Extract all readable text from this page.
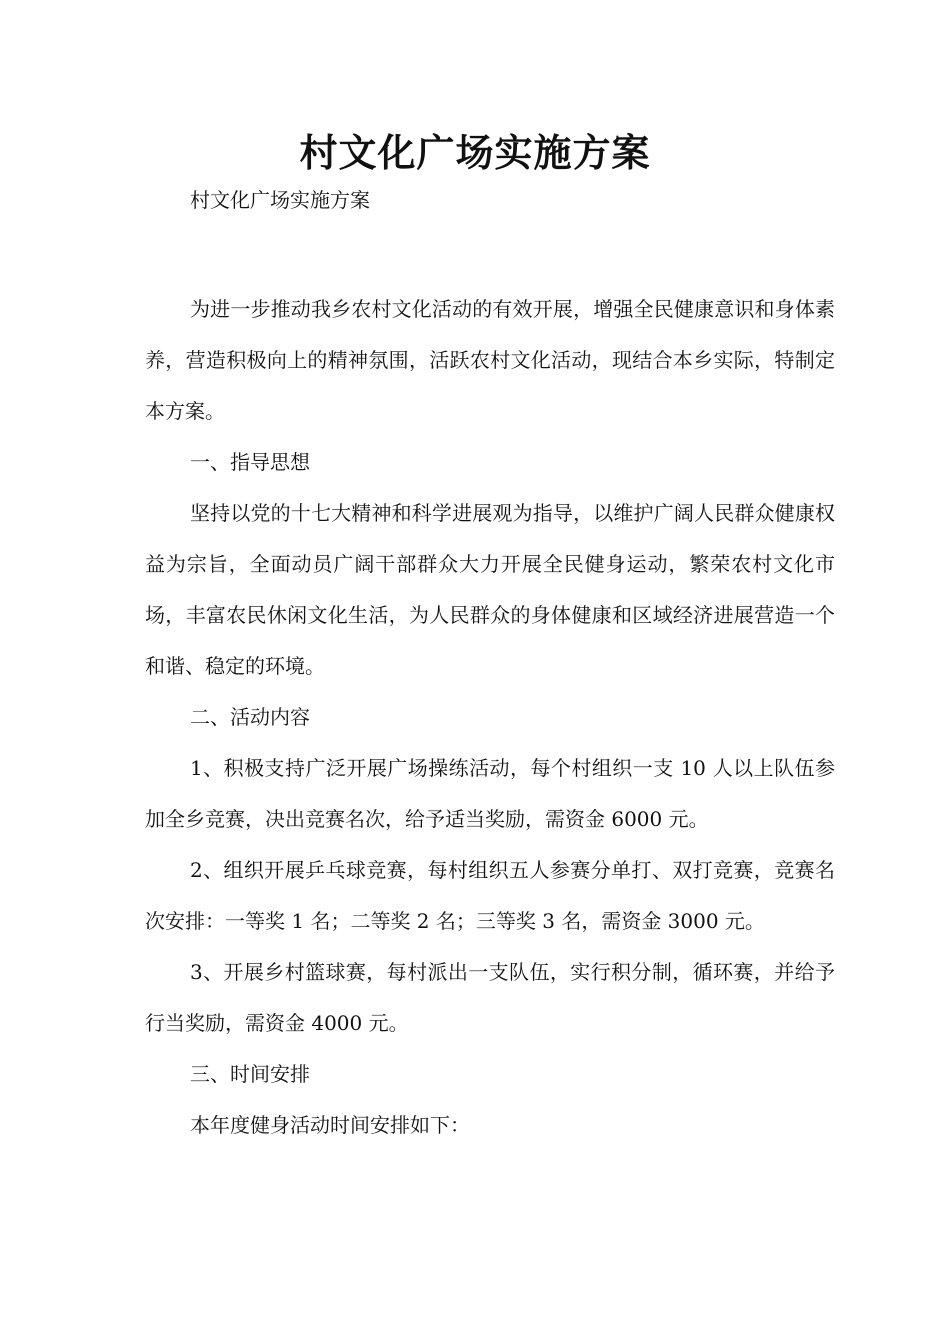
村文化广场实施方案
村文化广场实施方案

为进一步推动我乡农村文化活动的有效开展，增强全民健康意识和身体素养，营造积极向上的精神氛围，活跃农村文化活动，现结合本乡实际，特制定本方案。

一、指导思想

坚持以党的十七大精神和科学进展观为指导，以维护广阔人民群众健康权益为宗旨，全面动员广阔干部群众大力开展全民健身运动，繁荣农村文化市场，丰富农民休闲文化生活，为人民群众的身体健康和区域经济进展营造一个和谐、稳定的环境。

二、活动内容

1、积极支持广泛开展广场操练活动，每个村组织一支 10 人以上队伍参加全乡竞赛，决出竞赛名次，给予适当奖励，需资金 6000 元。

2、组织开展乒乓球竞赛，每村组织五人参赛分单打、双打竞赛，竞赛名次安排：一等奖 1 名；二等奖 2 名；三等奖 3 名，需资金 3000 元。

3、开展乡村篮球赛，每村派出一支队伍，实行积分制，循环赛，并给予行当奖励，需资金 4000 元。

三、时间安排

本年度健身活动时间安排如下：
